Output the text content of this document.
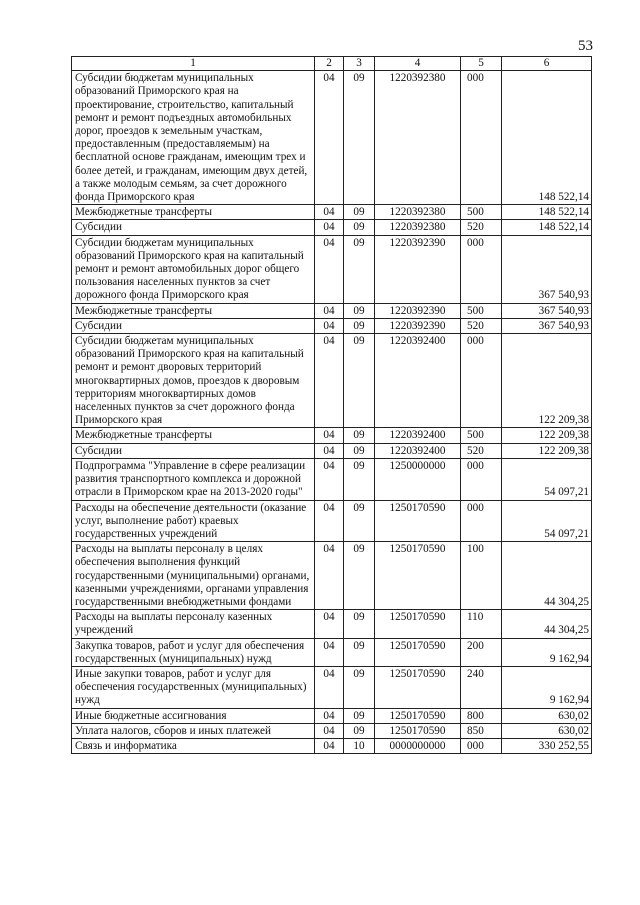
53
1	2	3	4	5	6
Субсидии бюджетам муниципальных образований Приморского края на проектирование, строительство, капитальный ремонт и ремонт подъездных автомобильных дорог, проездов к земельным участкам, предоставленным (предоставляемым) на бесплатной основе гражданам, имеющим трех и более детей, и гражданам, имеющим двух детей, а также молодым семьям, за счет дорожного фонда Приморского края	04	09	1220392380	000	148 522,14
Межбюджетные трансферты	04	09	1220392380	500	148 522,14
Субсидии	04	09	1220392380	520	148 522,14
Субсидии бюджетам муниципальных образований Приморского края на капитальный ремонт и ремонт автомобильных дорог общего пользования населенных пунктов за счет дорожного фонда Приморского края	04	09	1220392390	000	367 540,93
Межбюджетные трансферты	04	09	1220392390	500	367 540,93
Субсидии	04	09	1220392390	520	367 540,93
Субсидии бюджетам муниципальных образований Приморского края на капитальный ремонт и ремонт дворовых территорий многоквартирных домов, проездов к дворовым территориям многоквартирных домов населенных пунктов за счет дорожного фонда Приморского края	04	09	1220392400	000	122 209,38
Межбюджетные трансферты	04	09	1220392400	500	122 209,38
Субсидии	04	09	1220392400	520	122 209,38
Подпрограмма "Управление в сфере реализации развития транспортного комплекса и дорожной отрасли в Приморском крае на 2013-2020 годы"	04	09	1250000000	000	54 097,21
Расходы на обеспечение деятельности (оказание услуг, выполнение работ) краевых государственных учреждений	04	09	1250170590	000	54 097,21
Расходы на выплаты персоналу в целях обеспечения выполнения функций государственными (муниципальными) органами, казенными учреждениями, органами управления государственными внебюджетными фондами	04	09	1250170590	100	44 304,25
Расходы на выплаты персоналу казенных учреждений	04	09	1250170590	110	44 304,25
Закупка товаров, работ и услуг для обеспечения государственных (муниципальных) нужд	04	09	1250170590	200	9 162,94
Иные закупки товаров, работ и услуг для обеспечения государственных (муниципальных) нужд	04	09	1250170590	240	9 162,94
Иные бюджетные ассигнования	04	09	1250170590	800	630,02
Уплата налогов, сборов и иных платежей	04	09	1250170590	850	630,02
Связь и информатика	04	10	0000000000	000	330 252,55
